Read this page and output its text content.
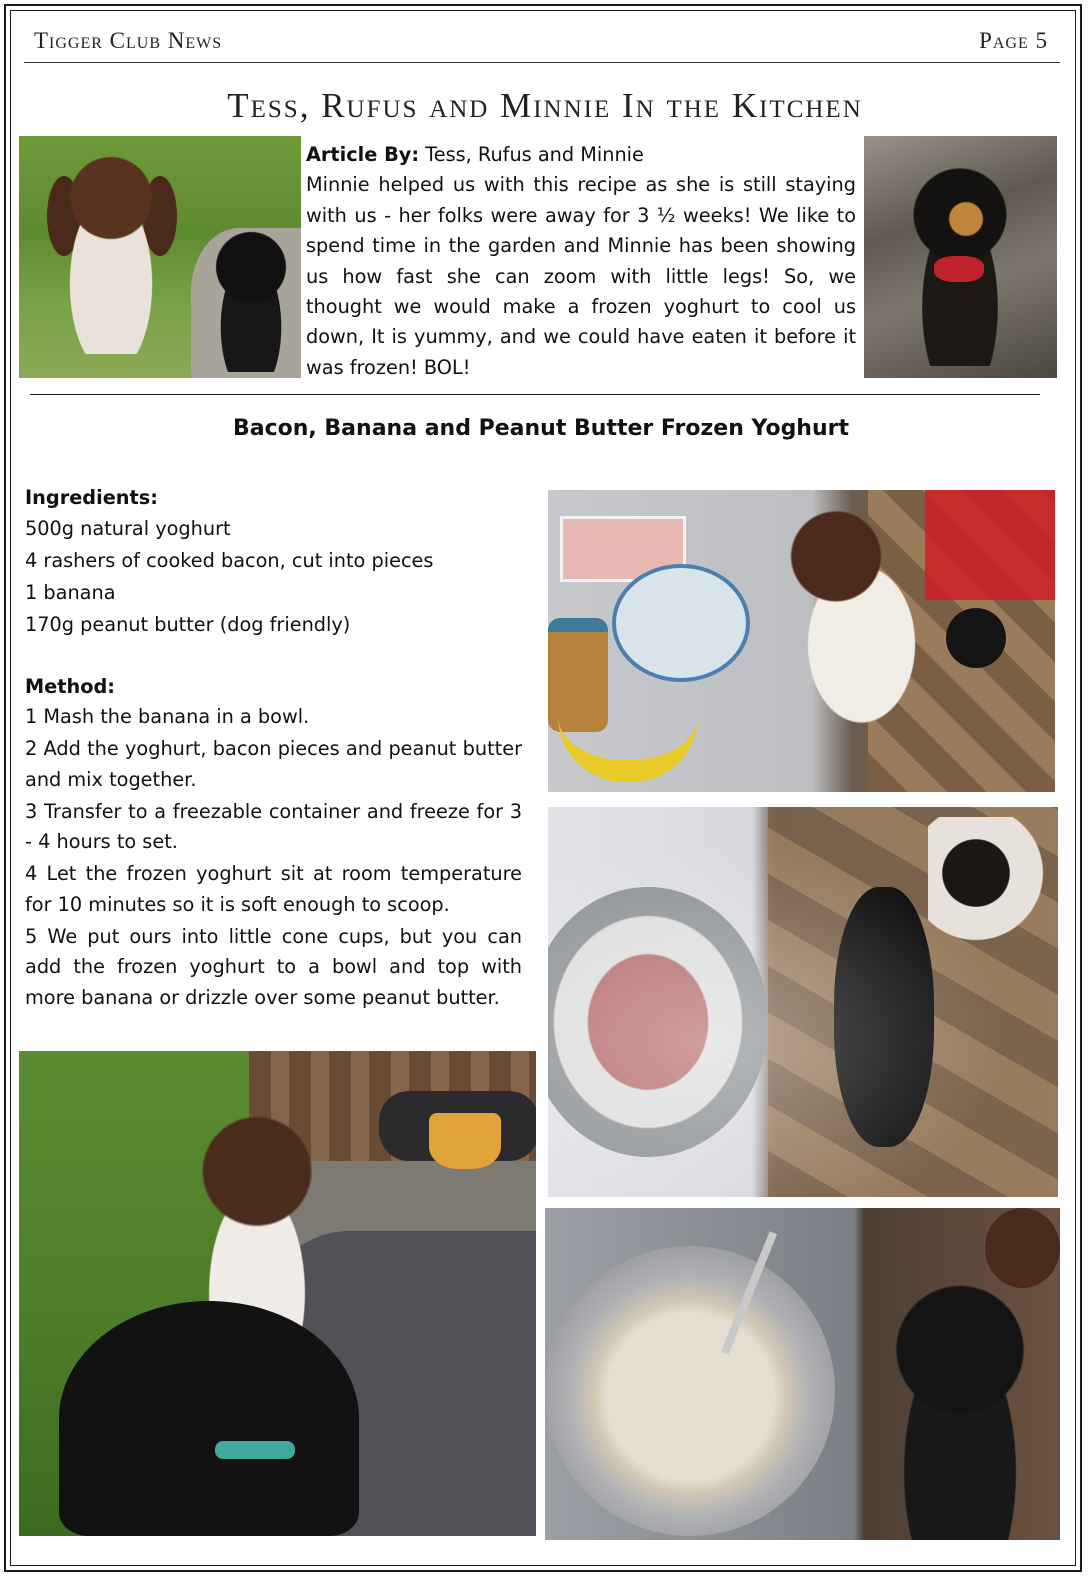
Tigger Club News	Page 5
Tess, Rufus and Minnie In the Kitchen
Article By: Tess, Rufus and Minnie
Minnie helped us with this recipe as she is still staying with us - her folks were away for 3 ½ weeks! We like to spend time in the garden and Minnie has been showing us how fast she can zoom with little legs! So, we thought we would make a frozen yoghurt to cool us down, It is yummy, and we could have eaten it before it was frozen! BOL!
Bacon, Banana and Peanut Butter Frozen Yoghurt
Ingredients:
500g natural yoghurt
4 rashers of cooked bacon, cut into pieces
1 banana
170g peanut butter (dog friendly)
Method:
1 Mash the banana in a bowl.
2 Add the yoghurt, bacon pieces and peanut butter and mix together.
3 Transfer to a freezable container and freeze for 3 - 4 hours to set.
4 Let the frozen yoghurt sit at room temperature for 10 minutes so it is soft enough to scoop.
5 We put ours into little cone cups, but you can add the frozen yoghurt to a bowl and top with more banana or drizzle over some peanut butter.
